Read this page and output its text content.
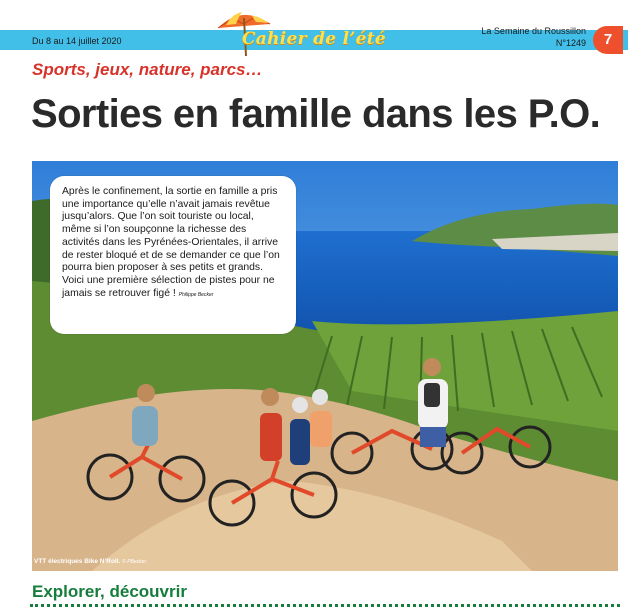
Du 8 au 14 juillet 2020	Cahier de l’été	La Semaine du Roussillon
N°1249	7
Sports, jeux, nature, parcs…
Sorties en famille dans les P.O.
Après le confinement, la sortie en famille a pris une importance qu’elle n’avait jamais revêtue jusqu’alors. Que l’on soit touriste ou local, même si l’on soupçonne la richesse des activités dans les Pyrénées-Orientales, il arrive de rester bloqué et de se demander ce que l’on pourra bien proposer à ses petits et grands. Voici une première sélection de pistes pour ne jamais se retrouver figé ! Philippe Becker
VTT électriques Bike N’Roll. © PBecker
Explorer, découvrir
